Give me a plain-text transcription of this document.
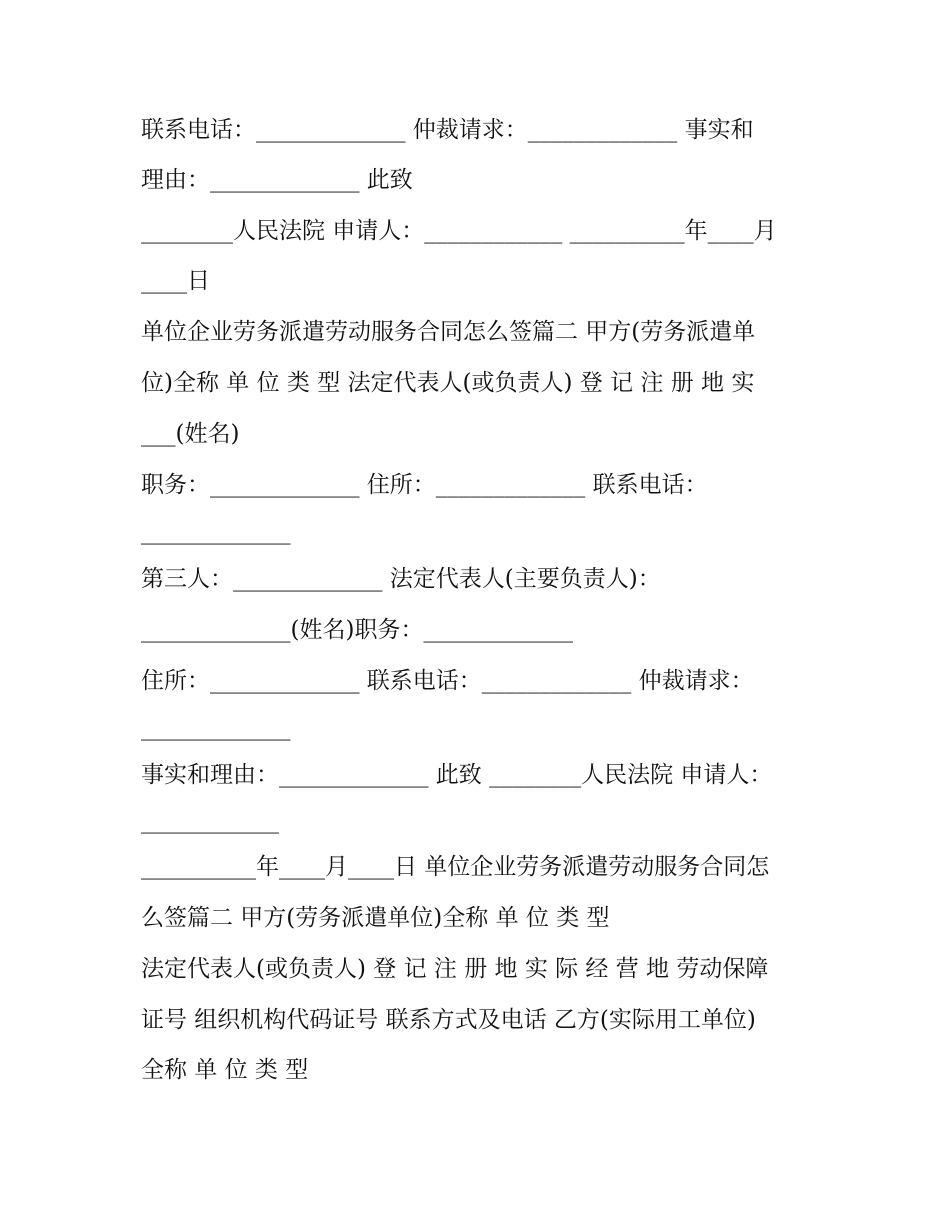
联系电话：_____________ 仲裁请求：_____________ 事实和

理由：_____________ 此致

________人民法院 申请人：____________ __________年____月

____日

单位企业劳务派遣劳动服务合同怎么签篇二 甲方(劳务派遣单

位)全称 单 位 类 型 法定代表人(或负责人) 登 记 注 册 地 实

___(姓名)

职务：_____________ 住所：_____________ 联系电话：

_____________

第三人：_____________ 法定代表人(主要负责人)：

_____________(姓名)职务：_____________

住所：_____________ 联系电话：_____________ 仲裁请求：

_____________

事实和理由：_____________ 此致 ________人民法院 申请人：

____________

__________年____月____日 单位企业劳务派遣劳动服务合同怎

么签篇二 甲方(劳务派遣单位)全称 单 位 类 型

法定代表人(或负责人) 登 记 注 册 地 实 际 经 营 地 劳动保障

证号 组织机构代码证号 联系方式及电话 乙方(实际用工单位)

全称 单 位 类 型
